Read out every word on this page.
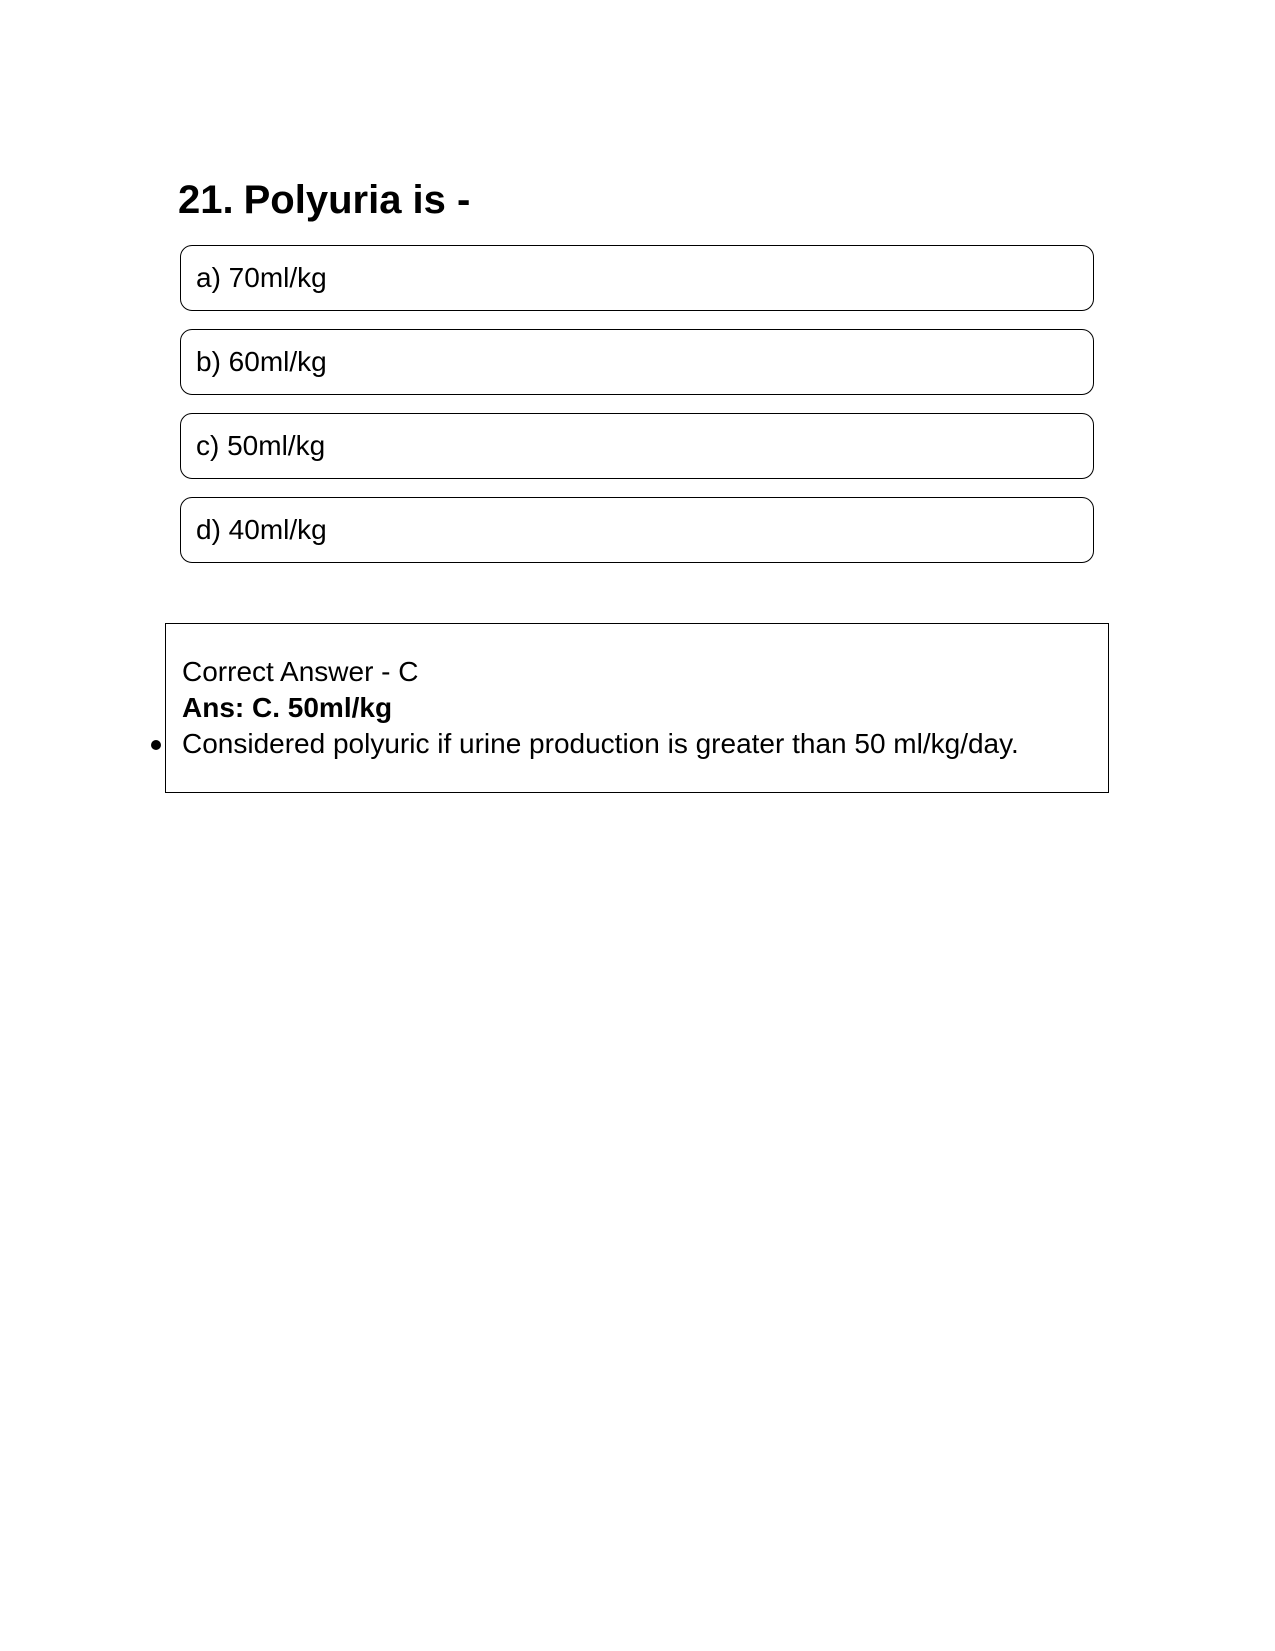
21. Polyuria is -
a) 70ml/kg
b) 60ml/kg
c) 50ml/kg
d) 40ml/kg
Correct Answer - C
Ans: C. 50ml/kg
Considered polyuric if urine production is greater than 50 ml/kg/day.
